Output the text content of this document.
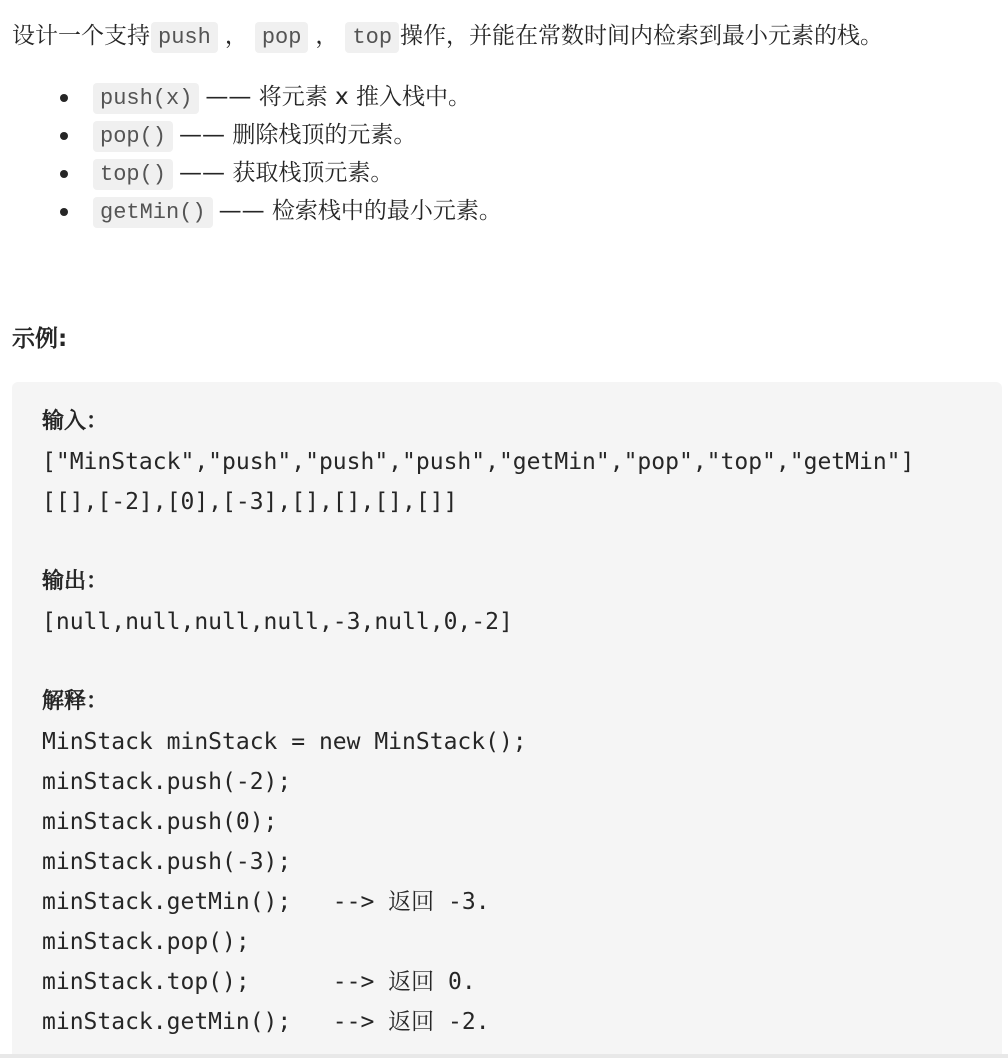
设计一个支持 push ， pop ， top 操作，并能在常数时间内检索到最小元素的栈。

push(x) —— 将元素 x 推入栈中。
pop() —— 删除栈顶的元素。
top() —— 获取栈顶元素。
getMin() —— 检索栈中的最小元素。
示例:
输入：
["MinStack","push","push","push","getMin","pop","top","getMin"]
[[],[-2],[0],[-3],[],[],[],[]]
输出：
[null,null,null,null,-3,null,0,-2]
解释：
MinStack minStack = new MinStack();
minStack.push(-2);
minStack.push(0);
minStack.push(-3);
minStack.getMin();   --> 返回 -3.
minStack.pop();
minStack.top();      --> 返回 0.
minStack.getMin();   --> 返回 -2.
